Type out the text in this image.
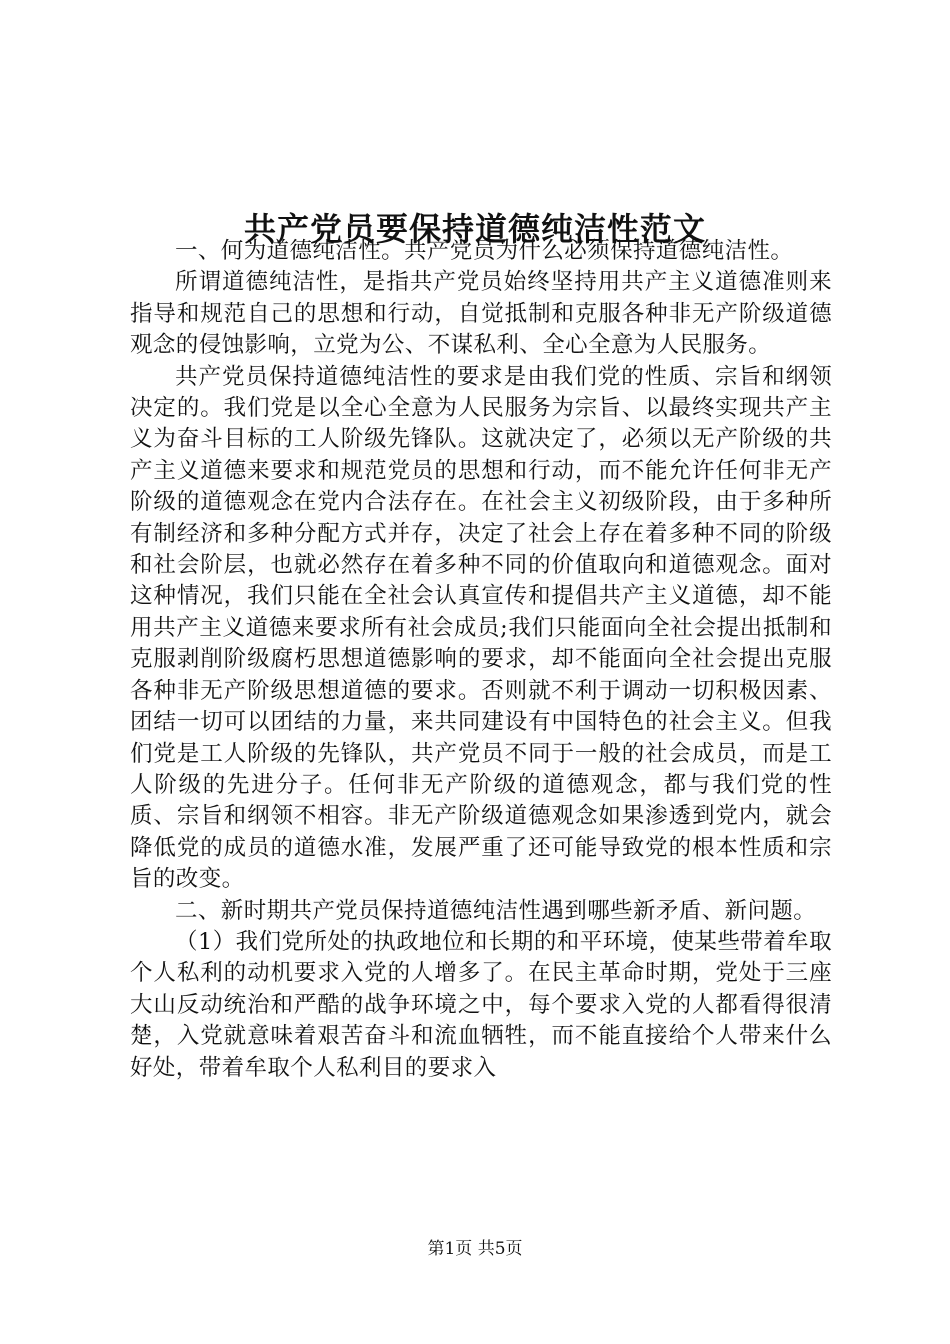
共产党员要保持道德纯洁性范文

一、何为道德纯洁性。共产党员为什么必须保持道德纯洁性。

所谓道德纯洁性，是指共产党员始终坚持用共产主义道德准则来指导和规范自己的思想和行动，自觉抵制和克服各种非无产阶级道德观念的侵蚀影响，立党为公、不谋私利、全心全意为人民服务。

共产党员保持道德纯洁性的要求是由我们党的性质、宗旨和纲领决定的。我们党是以全心全意为人民服务为宗旨、以最终实现共产主义为奋斗目标的工人阶级先锋队。这就决定了，必须以无产阶级的共产主义道德来要求和规范党员的思想和行动，而不能允许任何非无产阶级的道德观念在党内合法存在。在社会主义初级阶段，由于多种所有制经济和多种分配方式并存，决定了社会上存在着多种不同的阶级和社会阶层，也就必然存在着多种不同的价值取向和道德观念。面对这种情况，我们只能在全社会认真宣传和提倡共产主义道德，却不能用共产主义道德来要求所有社会成员;我们只能面向全社会提出抵制和克服剥削阶级腐朽思想道德影响的要求，却不能面向全社会提出克服各种非无产阶级思想道德的要求。否则就不利于调动一切积极因素、团结一切可以团结的力量，来共同建设有中国特色的社会主义。但我们党是工人阶级的先锋队，共产党员不同于一般的社会成员，而是工人阶级的先进分子。任何非无产阶级的道德观念，都与我们党的性质、宗旨和纲领不相容。非无产阶级道德观念如果渗透到党内，就会降低党的成员的道德水准，发展严重了还可能导致党的根本性质和宗旨的改变。

二、新时期共产党员保持道德纯洁性遇到哪些新矛盾、新问题。

（1）我们党所处的执政地位和长期的和平环境，使某些带着牟取个人私利的动机要求入党的人增多了。在民主革命时期，党处于三座大山反动统治和严酷的战争环境之中，每个要求入党的人都看得很清楚，入党就意味着艰苦奋斗和流血牺牲，而不能直接给个人带来什么好处，带着牟取个人私利目的要求入

第1页 共5页
